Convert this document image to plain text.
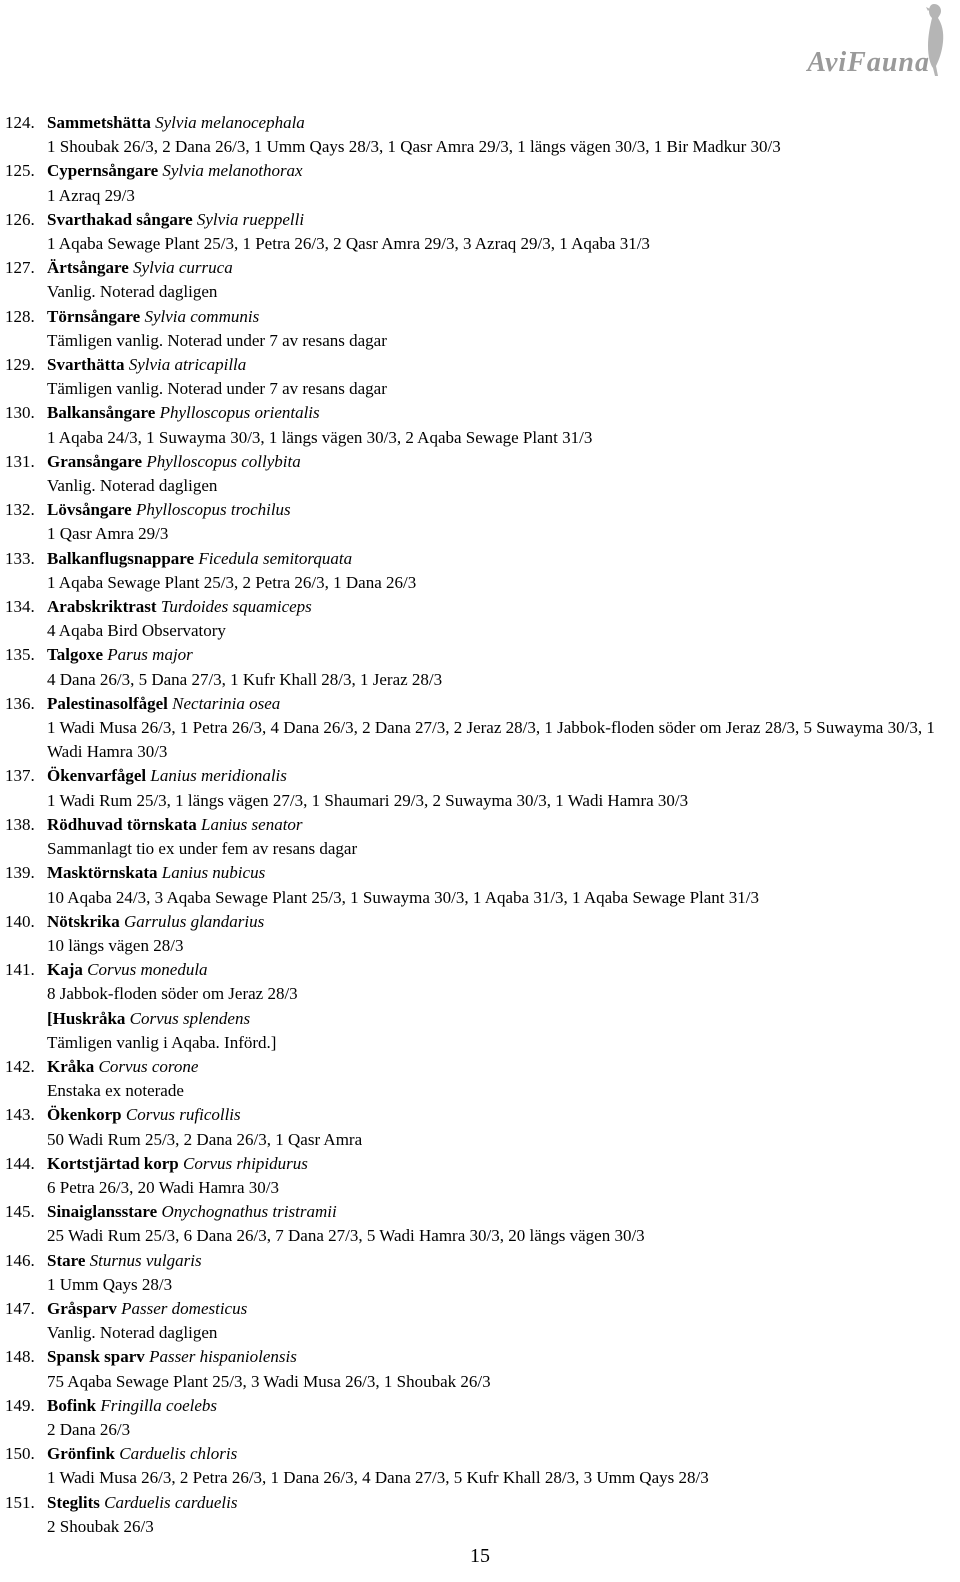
AviFauna
124. Sammetshätta Sylvia melanocephala
1 Shoubak 26/3, 2 Dana 26/3, 1 Umm Qays 28/3, 1 Qasr Amra 29/3, 1 längs vägen 30/3, 1 Bir Madkur 30/3
125. Cypernsångare Sylvia melanothorax
1 Azraq 29/3
126. Svarthakad sångare Sylvia rueppelli
1 Aqaba Sewage Plant 25/3, 1 Petra 26/3, 2 Qasr Amra 29/3, 3 Azraq 29/3, 1 Aqaba 31/3
127. Ärtsångare Sylvia curruca
Vanlig. Noterad dagligen
128. Törnsångare Sylvia communis
Tämligen vanlig. Noterad under 7 av resans dagar
129. Svarthätta Sylvia atricapilla
Tämligen vanlig. Noterad under 7 av resans dagar
130. Balkansångare Phylloscopus orientalis
1 Aqaba 24/3, 1 Suwayma 30/3, 1 längs vägen 30/3, 2 Aqaba Sewage Plant 31/3
131. Gransångare Phylloscopus collybita
Vanlig. Noterad dagligen
132. Lövsångare Phylloscopus trochilus
1 Qasr Amra 29/3
133. Balkanflugsnappare Ficedula semitorquata
1 Aqaba Sewage Plant 25/3, 2 Petra 26/3, 1 Dana 26/3
134. Arabskriktrast Turdoides squamiceps
4 Aqaba Bird Observatory
135. Talgoxe Parus major
4 Dana 26/3, 5 Dana 27/3, 1 Kufr Khall 28/3, 1 Jeraz 28/3
136. Palestinasolfågel Nectarinia osea
1 Wadi Musa 26/3, 1 Petra 26/3, 4 Dana 26/3, 2 Dana 27/3, 2 Jeraz 28/3, 1 Jabbok-floden söder om Jeraz 28/3, 5 Suwayma 30/3, 1 Wadi Hamra 30/3
137. Ökenvarfågel Lanius meridionalis
1 Wadi Rum 25/3, 1 längs vägen 27/3, 1 Shaumari 29/3, 2 Suwayma 30/3, 1 Wadi Hamra 30/3
138. Rödhuvad törnskata Lanius senator
Sammanlagt tio ex under fem av resans dagar
139. Masktörnskata Lanius nubicus
10 Aqaba 24/3, 3 Aqaba Sewage Plant 25/3, 1 Suwayma 30/3, 1 Aqaba 31/3, 1 Aqaba Sewage Plant 31/3
140. Nötskrika Garrulus glandarius
10 längs vägen 28/3
141. Kaja Corvus monedula
8 Jabbok-floden söder om Jeraz 28/3
[Huskråka Corvus splendens
Tämligen vanlig i Aqaba. Införd.]
142. Kråka Corvus corone
Enstaka ex noterade
143. Ökenkorp Corvus ruficollis
50 Wadi Rum 25/3, 2 Dana 26/3, 1 Qasr Amra
144. Kortstjärtad korp Corvus rhipidurus
6 Petra 26/3, 20 Wadi Hamra 30/3
145. Sinaiglansstare Onychognathus tristramii
25 Wadi Rum 25/3, 6 Dana 26/3, 7 Dana 27/3, 5 Wadi Hamra 30/3, 20 längs vägen 30/3
146. Stare Sturnus vulgaris
1 Umm Qays 28/3
147. Gråsparv Passer domesticus
Vanlig. Noterad dagligen
148. Spansk sparv Passer hispaniolensis
75 Aqaba Sewage Plant 25/3, 3 Wadi Musa 26/3, 1 Shoubak 26/3
149. Bofink Fringilla coelebs
2 Dana 26/3
150. Grönfink Carduelis chloris
1 Wadi Musa 26/3, 2 Petra 26/3, 1 Dana 26/3, 4 Dana 27/3, 5 Kufr Khall 28/3, 3 Umm Qays 28/3
151. Steglits Carduelis carduelis
2 Shoubak 26/3
15
